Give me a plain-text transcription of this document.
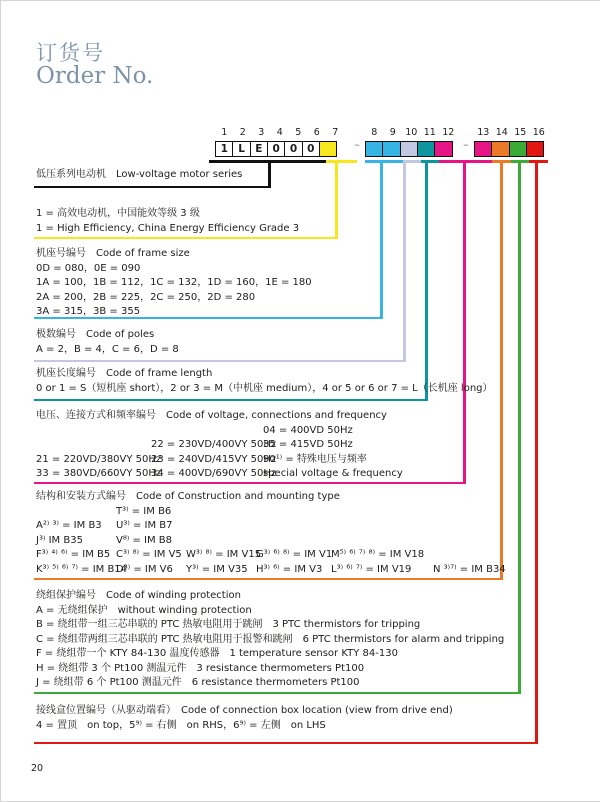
订货号
Order No.
1	2	3	4	5	6	7
1 L E 0 0 0	–
8	9 10 11 12
–
13 14 15 16
低压系列电动机　Low-voltage motor series
1 = 高效电动机，中国能效等级 3 级
1 = High Efficiency, China Energy Efficiency Grade 3
机座号编号　Code of frame size
0D = 080，0E = 090
1A = 100，1B = 112，1C = 132，1D = 160，1E = 180
2A = 200，2B = 225，2C = 250，2D = 280
3A = 315，3B = 355
极数编号　Code of poles
A = 2，B = 4，C = 6，D = 8
机座长度编号　Code of frame length
0 or 1 = S（短机座 short），2 or 3 = M（中机座 medium），4 or 5 or 6 or 7 = L（长机座 long）
电压、连接方式和频率编号　Code of voltage, connections and frequency
04 = 400VD 50Hz
22 = 230VD/400VY 50Hz
35 = 415VD 50Hz
21 = 220VD/380VY 50Hz
23 = 240VD/415VY 50Hz
90¹⁾ = 特殊电压与频率
33 = 380VD/660VY 50Hz
34 = 400VD/690VY 50Hz
special voltage & frequency
结构和安装方式编号　Code of Construction and mounting type
T³⁾ = IM B6
A²⁾ ³⁾ = IM B3 U³⁾ = IM B7
J³⁾ IM B35	V⁸⁾ = IM B8
F³⁾ ⁴⁾ ⁶⁾ = IM B5 C³⁾ ⁸⁾ = IM V5 W³⁾ ⁸⁾ = IM V15
G³⁾ ⁶⁾ ⁸⁾ = IM V1
M⁵⁾ ⁶⁾ ⁷⁾ ⁸⁾ = IM V18
K³⁾ ⁵⁾ ⁶⁾ ⁷⁾ = IM B14
D³⁾ = IM V6 Y³⁾ = IM V35 H³⁾ ⁶⁾ = IM V3 L³⁾ ⁶⁾ ⁷⁾ = IM V19 N ³⁾⁷⁾ = IM B34
绕组保护编号　Code of winding protection
A = 无绕组保护　without winding protection
B = 绕组带一组三芯串联的 PTC 热敏电阻用于跳闸　3 PTC thermistors for tripping
C = 绕组带两组三芯串联的 PTC 热敏电阻用于报警和跳闸　6 PTC thermistors for alarm and tripping
F = 绕组带一个 KTY 84-130 温度传感器　1 temperature sensor KTY 84-130
H = 绕组带 3 个 Pt100 测温元件　3 resistance thermometers Pt100
J = 绕组带 6 个 Pt100 测温元件　6 resistance thermometers Pt100
接线盒位置编号（从驱动端看）　Code of connection box location (view from drive end)
4 = 置顶　on top，5⁹⁾ = 右侧　on RHS，6⁹⁾ = 左侧　on LHS
20
